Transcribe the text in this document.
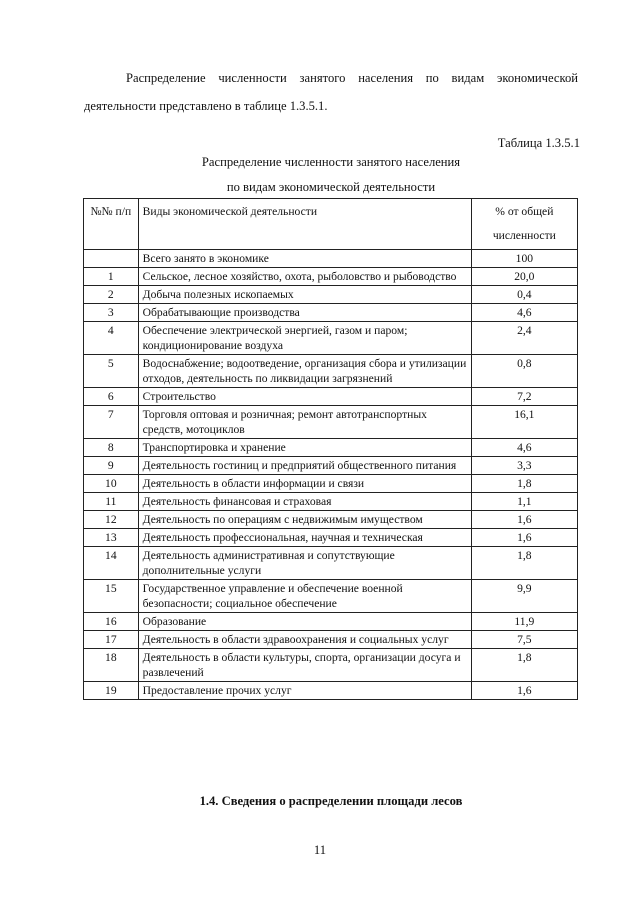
Распределение численности занятого населения по видам экономической деятельности представлено в таблице 1.3.5.1.

Таблица 1.3.5.1

Распределение численности занятого населения

по видам экономической деятельности

№№ п/п	Виды экономической деятельности	% от общей численности
	Всего занято в экономике	100
1	Сельское, лесное хозяйство, охота, рыболовство и рыбоводство	20,0
2	Добыча полезных ископаемых	0,4
3	Обрабатывающие производства	4,6
4	Обеспечение электрической энергией, газом и паром; кондиционирование воздуха	2,4
5	Водоснабжение; водоотведение, организация сбора и утилизации отходов, деятельность по ликвидации загрязнений	0,8
6	Строительство	7,2
7	Торговля оптовая и розничная; ремонт автотранспортных средств, мотоциклов	16,1
8	Транспортировка и хранение	4,6
9	Деятельность гостиниц и предприятий общественного питания	3,3
10	Деятельность в области информации и связи	1,8
11	Деятельность финансовая и страховая	1,1
12	Деятельность по операциям с недвижимым имуществом	1,6
13	Деятельность профессиональная, научная и техническая	1,6
14	Деятельность административная и сопутствующие дополнительные услуги	1,8
15	Государственное управление и обеспечение военной безопасности; социальное обеспечение	9,9
16	Образование	11,9
17	Деятельность в области здравоохранения и социальных услуг	7,5
18	Деятельность в области культуры, спорта, организации досуга и развлечений	1,8
19	Предоставление прочих услуг	1,6

1.4. Сведения о распределении площади лесов

11
